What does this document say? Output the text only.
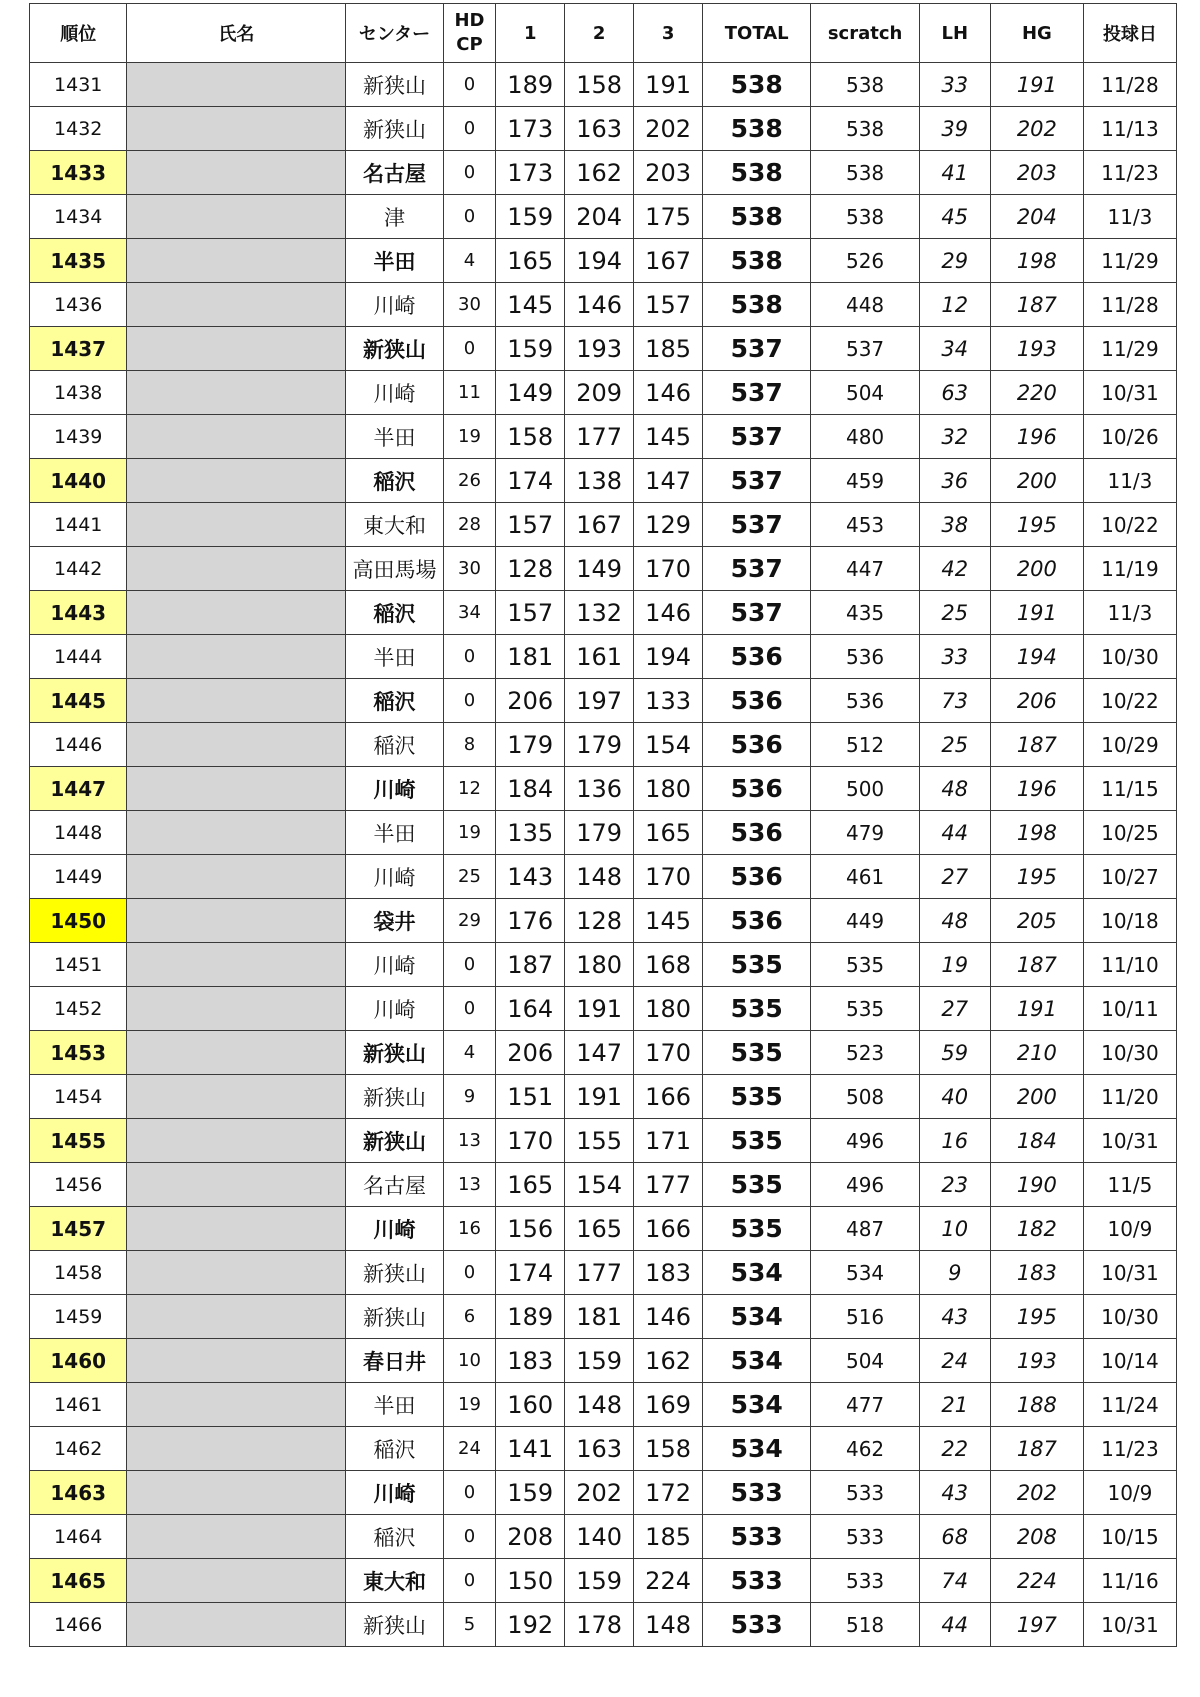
順位	氏名	センター	HD
CP	1	2	3	TOTAL	scratch	LH	HG	投球日
1431		新狭山	0	189	158	191	538	538	33	191	11/28
1432		新狭山	0	173	163	202	538	538	39	202	11/13
1433		名古屋	0	173	162	203	538	538	41	203	11/23
1434		津	0	159	204	175	538	538	45	204	11/3
1435		半田	4	165	194	167	538	526	29	198	11/29
1436		川崎	30	145	146	157	538	448	12	187	11/28
1437		新狭山	0	159	193	185	537	537	34	193	11/29
1438		川崎	11	149	209	146	537	504	63	220	10/31
1439		半田	19	158	177	145	537	480	32	196	10/26
1440		稲沢	26	174	138	147	537	459	36	200	11/3
1441		東大和	28	157	167	129	537	453	38	195	10/22
1442		高田馬場	30	128	149	170	537	447	42	200	11/19
1443		稲沢	34	157	132	146	537	435	25	191	11/3
1444		半田	0	181	161	194	536	536	33	194	10/30
1445		稲沢	0	206	197	133	536	536	73	206	10/22
1446		稲沢	8	179	179	154	536	512	25	187	10/29
1447		川崎	12	184	136	180	536	500	48	196	11/15
1448		半田	19	135	179	165	536	479	44	198	10/25
1449		川崎	25	143	148	170	536	461	27	195	10/27
1450		袋井	29	176	128	145	536	449	48	205	10/18
1451		川崎	0	187	180	168	535	535	19	187	11/10
1452		川崎	0	164	191	180	535	535	27	191	10/11
1453		新狭山	4	206	147	170	535	523	59	210	10/30
1454		新狭山	9	151	191	166	535	508	40	200	11/20
1455		新狭山	13	170	155	171	535	496	16	184	10/31
1456		名古屋	13	165	154	177	535	496	23	190	11/5
1457		川崎	16	156	165	166	535	487	10	182	10/9
1458		新狭山	0	174	177	183	534	534	9	183	10/31
1459		新狭山	6	189	181	146	534	516	43	195	10/30
1460		春日井	10	183	159	162	534	504	24	193	10/14
1461		半田	19	160	148	169	534	477	21	188	11/24
1462		稲沢	24	141	163	158	534	462	22	187	11/23
1463		川崎	0	159	202	172	533	533	43	202	10/9
1464		稲沢	0	208	140	185	533	533	68	208	10/15
1465		東大和	0	150	159	224	533	533	74	224	11/16
1466		新狭山	5	192	178	148	533	518	44	197	10/31
